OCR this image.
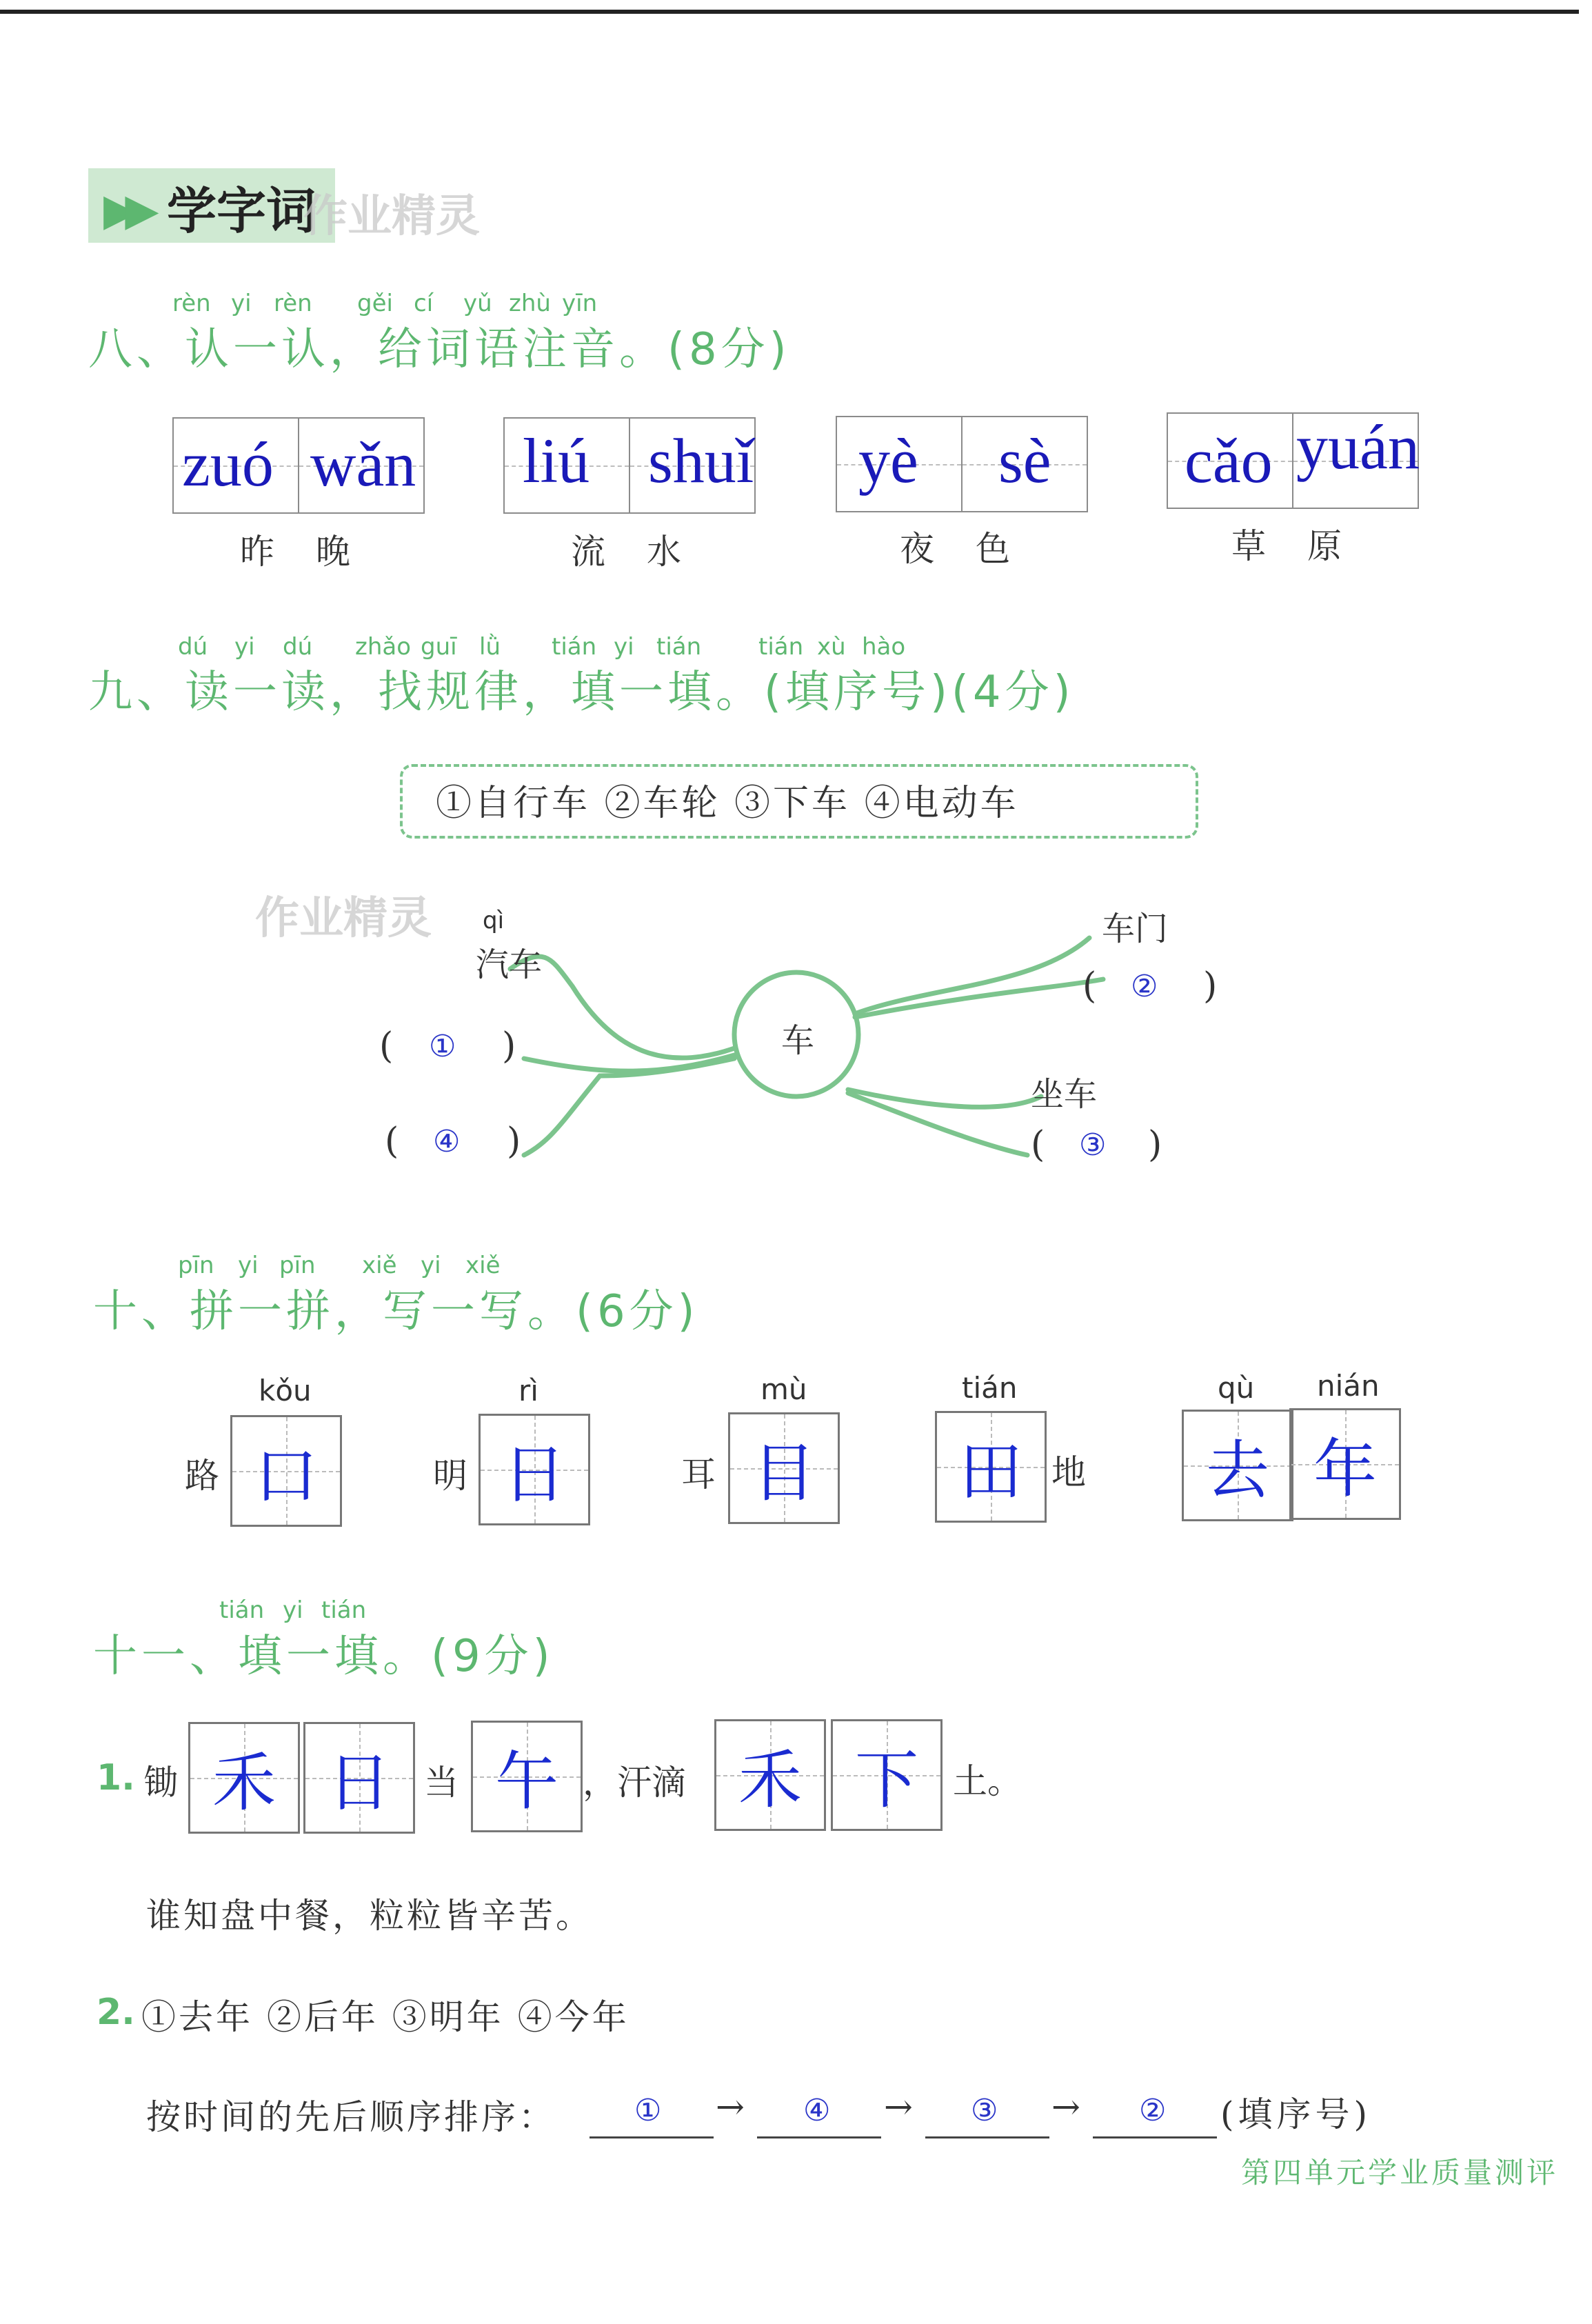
▶▶ 学字词
作业精灵
rèn yi rèn gěi cí yǔ zhù yīn
八、认一认，给词语注音。(8分)
zuó wǎn
昨晚
liú shuǐ
流水
yè sè
夜色
cǎo yuán
草原
dú yi dú zhǎo guī lǜ tián yi tián tián xù hào
九、读一读，找规律，填一填。(填序号)(4分)
①自行车 ②车轮 ③下车 ④电动车
作业精灵
车
qì
汽车
车门
坐车
( ① )
( ④ )
( ② )
( ③ )
pīn yi pīn xiě yi xiě
十、拼一拼，写一写。(6分)
kǒu
路 口
rì
明 日
mù
耳 目
tián
田 地
qù nián
去 年
tián yi tián
十一、填一填。(9分)
1. 锄 禾 日 当 午 ，汗滴 禾 下	土。
谁知盘中餐，粒粒皆辛苦。
2. ①去年 ②后年 ③明年 ④今年
按时间的先后顺序排序：	① → ④ → ③ → ② (填序号)
第四单元学业质量测评
